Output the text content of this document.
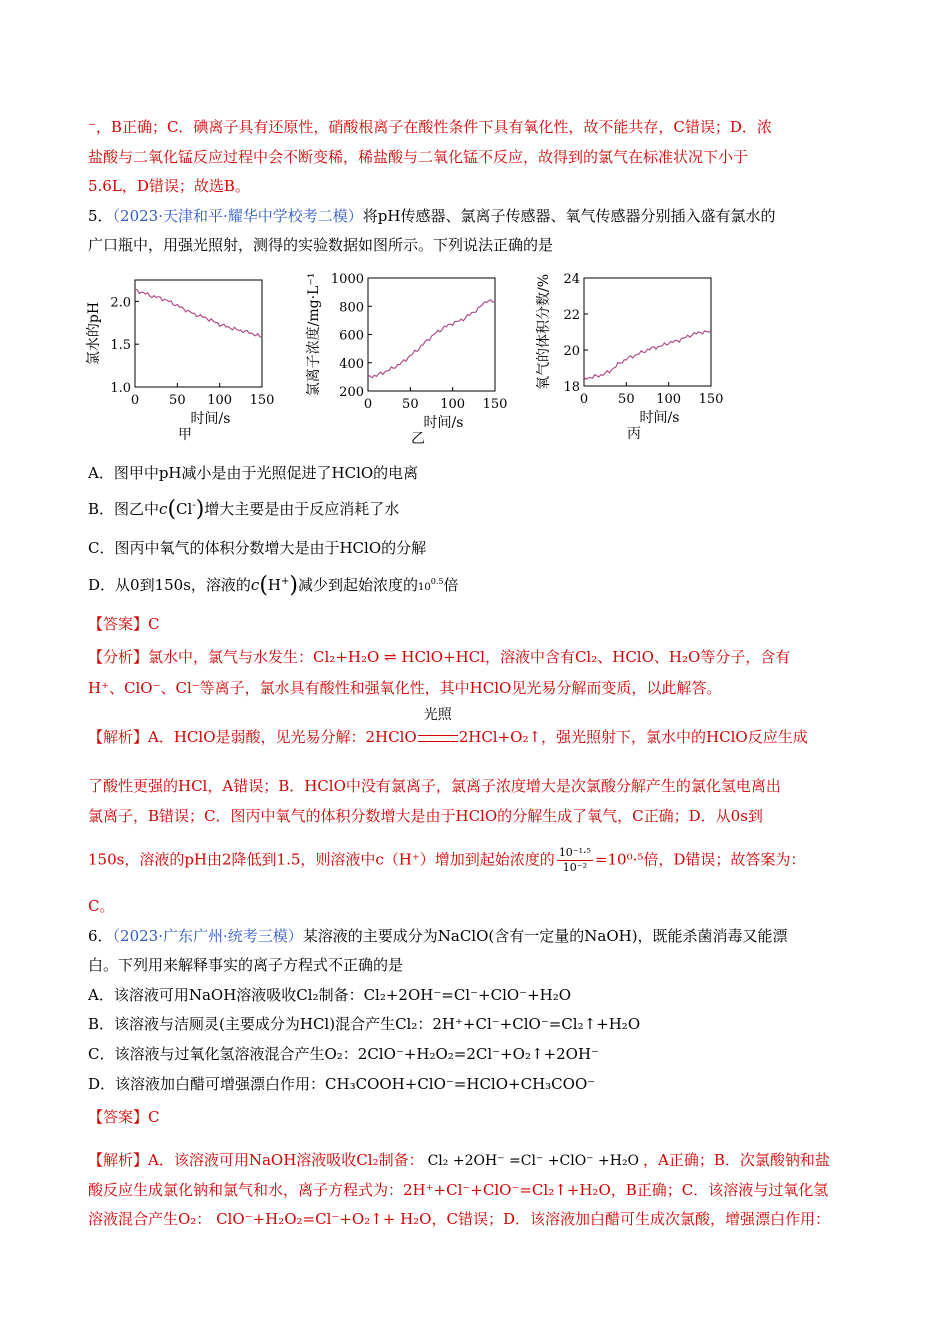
⁻，B正确；C．碘离子具有还原性，硝酸根离子在酸性条件下具有氧化性，故不能共存，C错误；D．浓
盐酸与二氧化锰反应过程中会不断变稀，稀盐酸与二氧化锰不反应，故得到的氯气在标准状况下小于
5.6L，D错误；故选B。
5．（2023·天津和平·耀华中学校考二模）将pH传感器、氯离子传感器、氧气传感器分别插入盛有氯水的
广口瓶中，用强光照射，测得的实验数据如图所示。下列说法正确的是
0 50 100 150
1.0
1.5
2.0
时间/s
氯水的pH
甲
0 50 100 150
200
400
600
800
1000
时间/s
氯离子浓度/mg·L⁻¹
乙
0 50 100 150
18
20
22
24
时间/s
氧气的体积分数/%
丙
A．图甲中pH减小是由于光照促进了HClO的电离
B．图乙中c(Cl-)增大主要是由于反应消耗了水
C．图丙中氧气的体积分数增大是由于HClO的分解
D．从0到150s，溶液的c(H+)减少到起始浓度的$10^{0.5}$倍
【答案】C
【分析】氯水中，氯气与水发生：Cl₂+H₂O ⇌ HClO+HCl，溶液中含有Cl₂、HClO、H₂O等分子，含有
H⁺、ClO⁻、Cl⁻等离子，氯水具有酸性和强氧化性，其中HClO见光易分解而变质，以此解答。
【解析】A．HClO是弱酸，见光易分解：2HClO
光照
2HCl+O₂↑，强光照射下，氯水中的HClO反应生成
了酸性更强的HCl，A错误；B．HClO中没有氯离子，氯离子浓度增大是次氯酸分解产生的氯化氢电离出
氯离子，B错误；C．图丙中氧气的体积分数增大是由于HClO的分解生成了氧气，C正确；D．从0s到
150s，溶液的pH由2降低到1.5，则溶液中c（H⁺）增加到起始浓度的 $\frac{\text{10⁻¹·⁵}}{\text{10⁻²}} =10^0\cdot^5$倍，D错误；故答案为：
C。
6．（2023·广东广州·统考三模）某溶液的主要成分为NaClO(含有一定量的NaOH)，既能杀菌消毒又能漂
白。下列用来解释事实的离子方程式不正确的是
A．该溶液可用NaOH溶液吸收Cl₂制备：Cl₂+2OH⁻=Cl⁻+ClO⁻+H₂O
B．该溶液与洁厕灵(主要成分为HCl)混合产生Cl₂：2H⁺+Cl⁻+ClO⁻=Cl₂↑+H₂O
C．该溶液与过氧化氢溶液混合产生O₂：2ClO⁻+H₂O₂=2Cl⁻+O₂↑+2OH⁻
D．该溶液加白醋可增强漂白作用：CH₃COOH+ClO⁻=HClO+CH₃COO⁻
【答案】C
【解析】A．该溶液可用NaOH溶液吸收Cl₂制备： Cl₂ +2OH⁻ =Cl⁻ +ClO⁻ +H₂O ，A正确；B．次氯酸钠和盐
酸反应生成氯化钠和氯气和水，离子方程式为：2H⁺+Cl⁻+ClO⁻=Cl₂↑+H₂O，B正确；C．该溶液与过氧化氢
溶液混合产生O₂： ClO⁻+H₂O₂=Cl⁻+O₂↑+ H₂O，C错误；D．该溶液加白醋可生成次氯酸，增强漂白作用：
